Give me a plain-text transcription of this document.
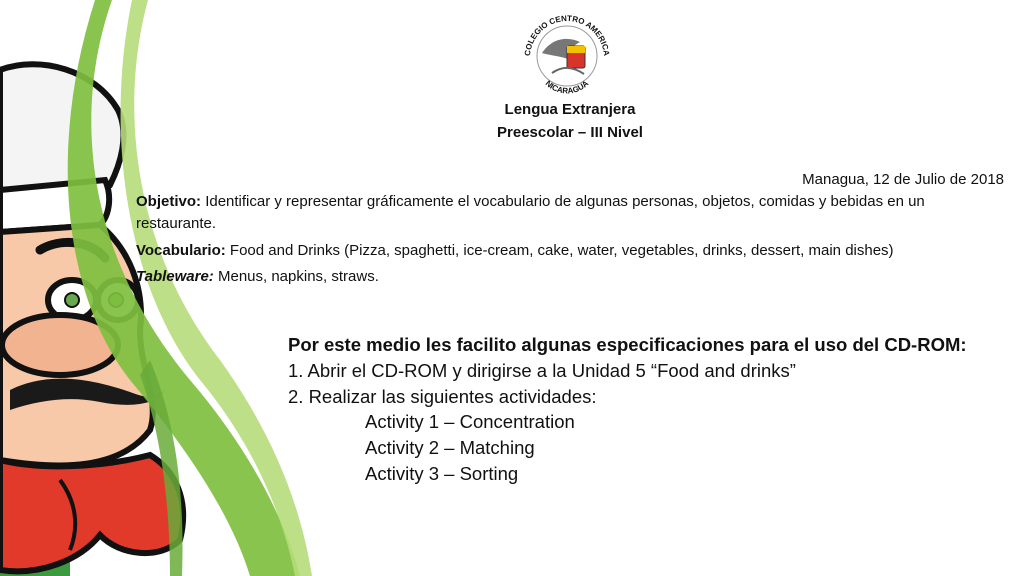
COLEGIO CENTRO AMERICA
NICARAGUA
Lengua Extranjera
Preescolar – III Nivel
Managua, 12 de Julio de 2018
Objetivo: Identificar y representar gráficamente el vocabulario de algunas personas, objetos, comidas y bebidas en un restaurante.
Vocabulario: Food and Drinks (Pizza, spaghetti, ice-cream, cake, water, vegetables, drinks, dessert, main dishes)
Tableware: Menus, napkins, straws.
Por este medio les facilito algunas especificaciones para el uso del CD-ROM:
1. Abrir el CD-ROM y dirigirse a la Unidad 5 “Food and drinks”
2. Realizar las siguientes actividades:
Activity 1 – Concentration
Activity 2 – Matching
Activity 3 – Sorting
